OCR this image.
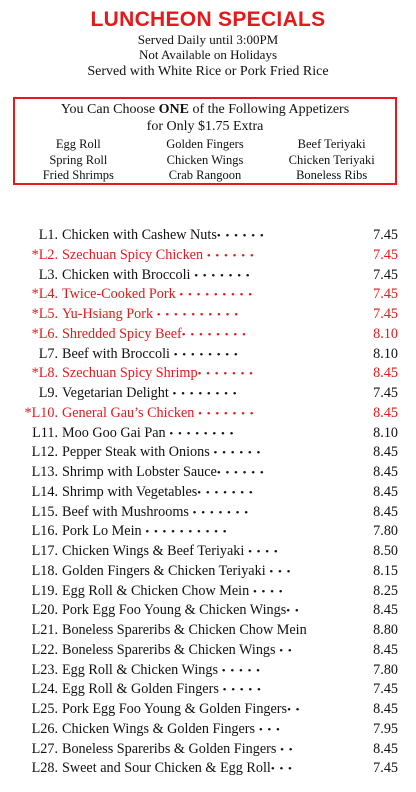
LUNCHEON SPECIALS
Served Daily until 3:00PM
Not Available on Holidays
Served with White Rice or Pork Fried Rice
You Can Choose ONE of the Following Appetizers
for Only $1.75 Extra
Egg Roll	Golden Fingers	Beef Teriyaki
Spring Roll	Chicken Wings	Chicken Teriyaki
Fried Shrimps	Crab Rangoon	Boneless Ribs
L1. Chicken with Cashew Nuts• • • • • •	7.45
*L2. Szechuan Spicy Chicken • • • • • •	7.45
L3. Chicken with Broccoli • • • • • • •	7.45
*L4. Twice-Cooked Pork • • • • • • • • •	7.45
*L5. Yu-Hsiang Pork • • • • • • • • • •	7.45
*L6. Shredded Spicy Beef• • • • • • • •	8.10
L7. Beef with Broccoli • • • • • • • •	8.10
*L8. Szechuan Spicy Shrimp• • • • • • •	8.45
L9. Vegetarian Delight • • • • • • • •	7.45
*L10. General Gau’s Chicken • • • • • • •	8.45
L11. Moo Goo Gai Pan • • • • • • • •	8.10
L12. Pepper Steak with Onions • • • • • •	8.45
L13. Shrimp with Lobster Sauce• • • • • •	8.45
L14. Shrimp with Vegetables• • • • • • •	8.45
L15. Beef with Mushrooms • • • • • • •	8.45
L16. Pork Lo Mein • • • • • • • • • •	7.80
L17. Chicken Wings & Beef Teriyaki • • • •	8.50
L18. Golden Fingers & Chicken Teriyaki • • •	8.15
L19. Egg Roll & Chicken Chow Mein • • • •	8.25
L20. Pork Egg Foo Young & Chicken Wings• •	8.45
L21. Boneless Spareribs & Chicken Chow Mein	8.80
L22. Boneless Spareribs & Chicken Wings • •	8.45
L23. Egg Roll & Chicken Wings • • • • •	7.80
L24. Egg Roll & Golden Fingers • • • • •	7.45
L25. Pork Egg Foo Young & Golden Fingers• •	8.45
L26. Chicken Wings & Golden Fingers • • •	7.95
L27. Boneless Spareribs & Golden Fingers • •	8.45
L28. Sweet and Sour Chicken & Egg Roll• • •	7.45
